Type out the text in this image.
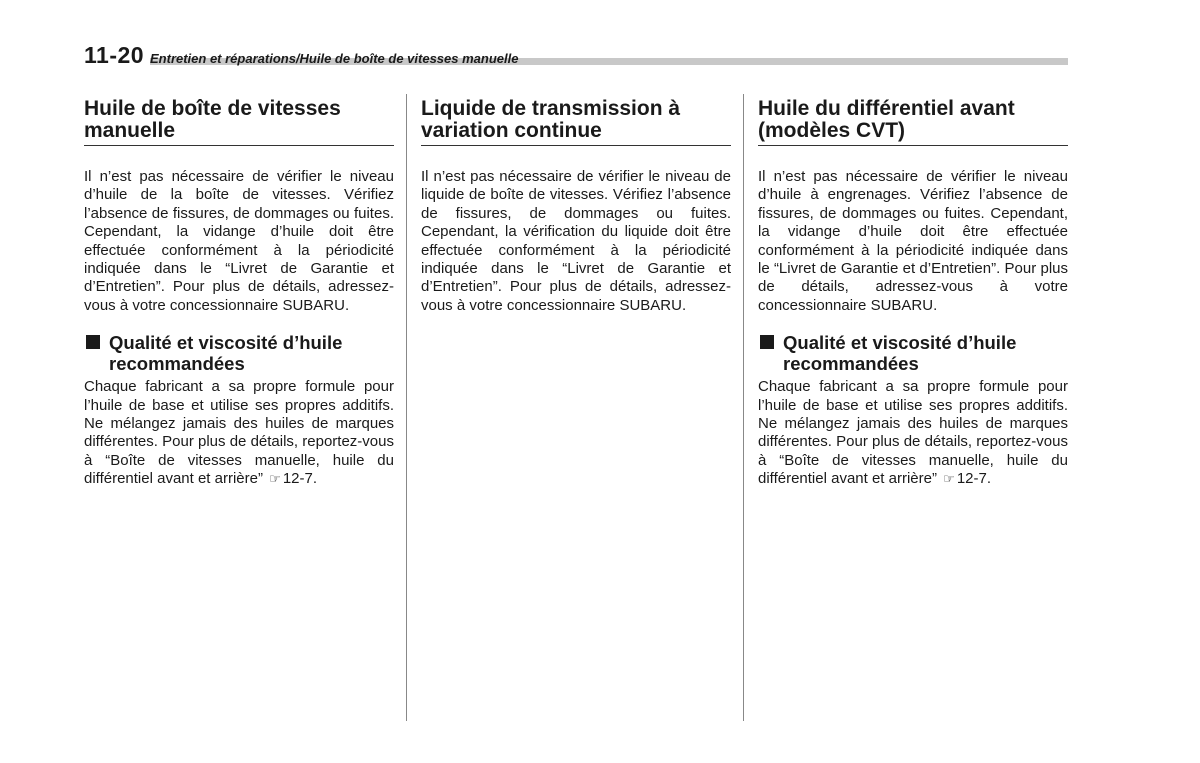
11-20 Entretien et réparations/Huile de boîte de vitesses manuelle
Huile de boîte de vitesses
manuelle

Il n’est pas nécessaire de vérifier le niveau d’huile de la boîte de vitesses. Vérifiez l’absence de fissures, de dommages ou fuites. Cependant, la vidange d’huile doit être effectuée conformément à la périodicité indiquée dans le “Livret de Garantie et d’Entretien”. Pour plus de détails, adressez-vous à votre concessionnaire SUBARU.

Qualité et viscosité d’huile
recommandées

Chaque fabricant a sa propre formule pour l’huile de base et utilise ses propres additifs. Ne mélangez jamais des huiles de marques différentes. Pour plus de détails, reportez-vous à “Boîte de vitesses manuelle, huile du différentiel avant et arrière” ☞ 12-7.

Liquide de transmission à
variation continue

Il n’est pas nécessaire de vérifier le niveau de liquide de boîte de vitesses. Vérifiez l’absence de fissures, de dommages ou fuites. Cependant, la vérification du liquide doit être effectuée conformément à la périodicité indiquée dans le “Livret de Garantie et d’Entretien”. Pour plus de détails, adressez-vous à votre concessionnaire SUBARU.

Huile du différentiel avant
(modèles CVT)

Il n’est pas nécessaire de vérifier le niveau d’huile à engrenages. Vérifiez l’absence de fissures, de dommages ou fuites. Cependant, la vidange d’huile doit être effectuée conformément à la périodicité indiquée dans le “Livret de Garantie et d’Entretien”. Pour plus de détails, adressez-vous à votre concessionnaire SUBARU.

Qualité et viscosité d’huile
recommandées

Chaque fabricant a sa propre formule pour l’huile de base et utilise ses propres additifs. Ne mélangez jamais des huiles de marques différentes. Pour plus de détails, reportez-vous à “Boîte de vitesses manuelle, huile du différentiel avant et arrière” ☞ 12-7.
